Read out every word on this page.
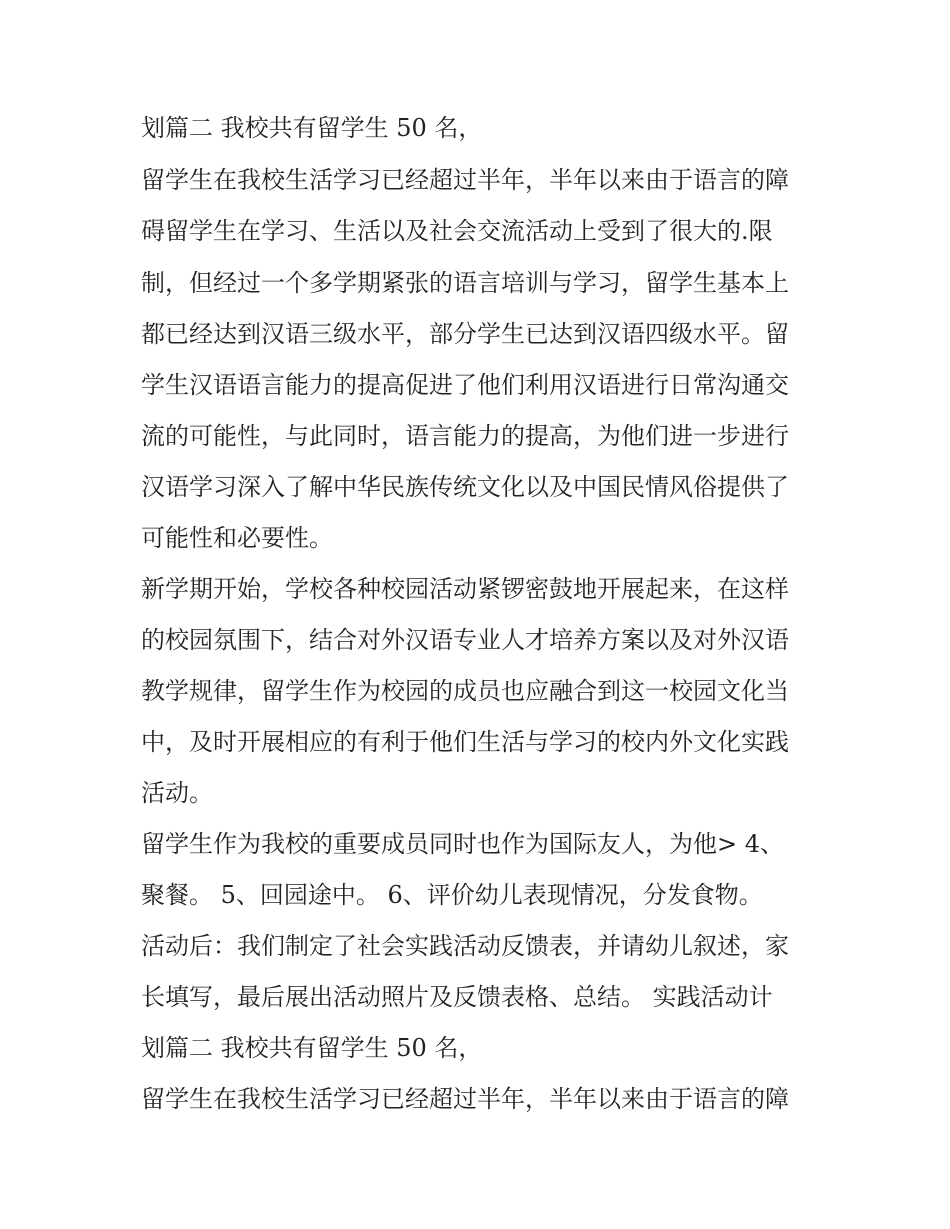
划篇二 我校共有留学生 50 名，
留学生在我校生活学习已经超过半年，半年以来由于语言的障
碍留学生在学习、生活以及社会交流活动上受到了很大的.限
制，但经过一个多学期紧张的语言培训与学习，留学生基本上
都已经达到汉语三级水平，部分学生已达到汉语四级水平。留
学生汉语语言能力的提高促进了他们利用汉语进行日常沟通交
流的可能性，与此同时，语言能力的提高，为他们进一步进行
汉语学习深入了解中华民族传统文化以及中国民情风俗提供了
可能性和必要性。
新学期开始，学校各种校园活动紧锣密鼓地开展起来，在这样
的校园氛围下，结合对外汉语专业人才培养方案以及对外汉语
教学规律，留学生作为校园的成员也应融合到这一校园文化当
中，及时开展相应的有利于他们生活与学习的校内外文化实践
活动。
留学生作为我校的重要成员同时也作为国际友人，为他> 4、
聚餐。 5、回园途中。 6、评价幼儿表现情况，分发食物。
活动后：我们制定了社会实践活动反馈表，并请幼儿叙述，家
长填写，最后展出活动照片及反馈表格、总结。 实践活动计
划篇二 我校共有留学生 50 名，
留学生在我校生活学习已经超过半年，半年以来由于语言的障
